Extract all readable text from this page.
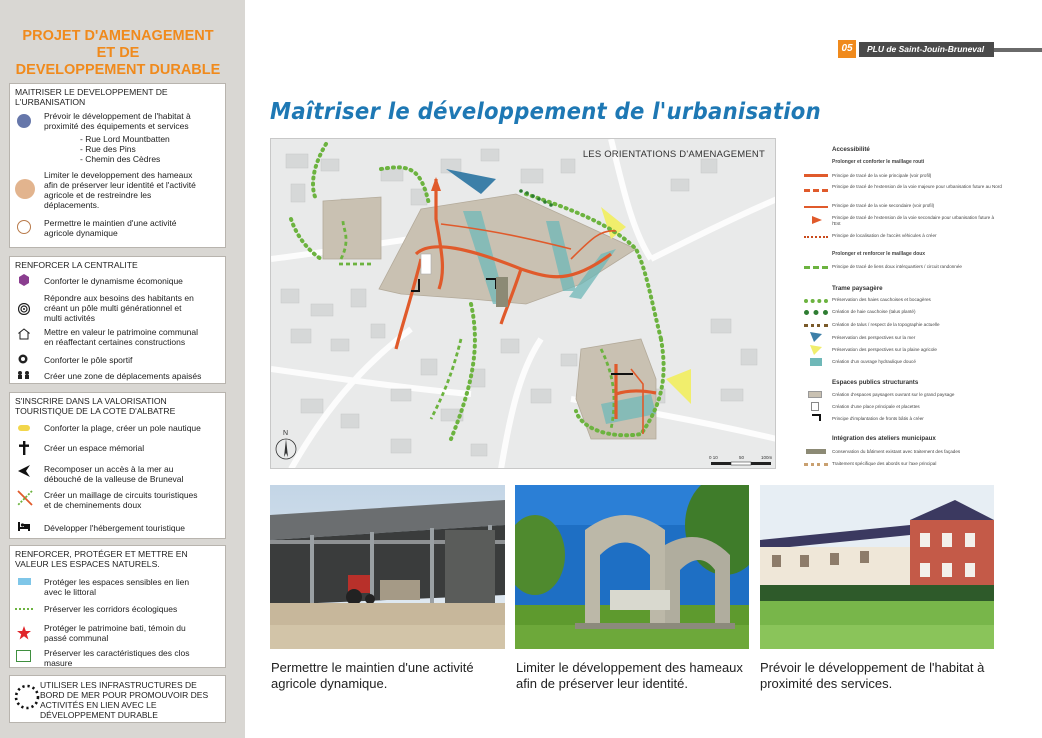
PROJET D'AMENAGEMENT
ET DE
DEVELOPPEMENT DURABLE
MAITRISER LE DEVELOPPEMENT DE
L'URBANISATION
Prévoir le développement de l'habitat à
proximité des équipements et services
- Rue Lord Mountbatten
- Rue des Pins
- Chemin des Cèdres
Limiter le developpement des hameaux
afin de préserver leur identité et l'activité
agricole et de restreindre les
déplacements.
Permettre le maintien d'une activité
agricole dynamique
RENFORCER LA CENTRALITE
Conforter le dynamisme écomonique
Répondre aux besoins des habitants en
créant un pôle multi générationnel et
multi activités
Mettre en valeur le patrimoine communal
en réaffectant certaines constructions
Conforter le pôle sportif
Créer une zone de déplacements apaisés
S'INSCRIRE DANS LA VALORISATION
TOURISTIQUE DE LA COTE D'ALBATRE
Conforter la plage, créer un pole nautique
Créer un espace mémorial
Recomposer un accès à la mer au
débouché de la valleuse de Bruneval
Créer un maillage de circuits touristiques
et de cheminements doux
Développer l'hébergement touristique
RENFORCER, PROTÉGER ET METTRE EN
VALEUR LES ESPACES NATURELS.
Protéger les espaces sensibles en lien
avec le littoral
Préserver les corridors écologiques
Protéger le patrimoine bati, témoin du
passé communal
Préserver les caractéristiques des clos
masure
UTILISER LES INFRASTRUCTURES DE
BORD DE MER POUR PROMOUVOIR DES
ACTIVITÉS EN LIEN AVEC LE
DÉVELOPPEMENT DURABLE
05	PLU de Saint-Jouin-Bruneval
Maîtriser le développement de l'urbanisation
LES ORIENTATIONS D'AMENAGEMENT
N
0 10	50	100m
Accessibilité
Prolonger et conforter le maillage routi
Principe de tracé de la voie principale (voir profil)
Principe de tracé de l'extension de la voie majeure pour urbanisation future au Nord
Principe de tracé de la voie secondaire (voir profil)
Principe de tracé de l'extension de la voie secondaire pour urbanisation future à l'Est
Principe de localisation de l'accès véhicules à créer
Prolonger et renforcer le maillage doux
Principe de tracé de liens doux intérquartiers / circuit randonnée
Trame paysagère
Préservation des haies cauchoises et bocagères
Création de haie cauchoise (talus planté)
Création de talus / respect de la topographie actuelle
Préservation des perspectives sur la mer
Préservation des perspectives sur la plaine agricole
Création d'un ouvrage hydraulique doucé
Espaces publics structurants
Création d'espaces paysagers ouvrant sur le grand paysage
Création d'une place principale et placettes
Principe d'implantation de fronts bâtis à créer
Intégration des ateliers municipaux
Conservation du bâtiment existant avec traitement des façades
Traitement spécifique des abords sur l'axe principal
Permettre le maintien d'une activité
agricole dynamique.
Limiter le développement des hameaux
afin de préserver leur identité.
Prévoir le développement de l'habitat à
proximité des services.
